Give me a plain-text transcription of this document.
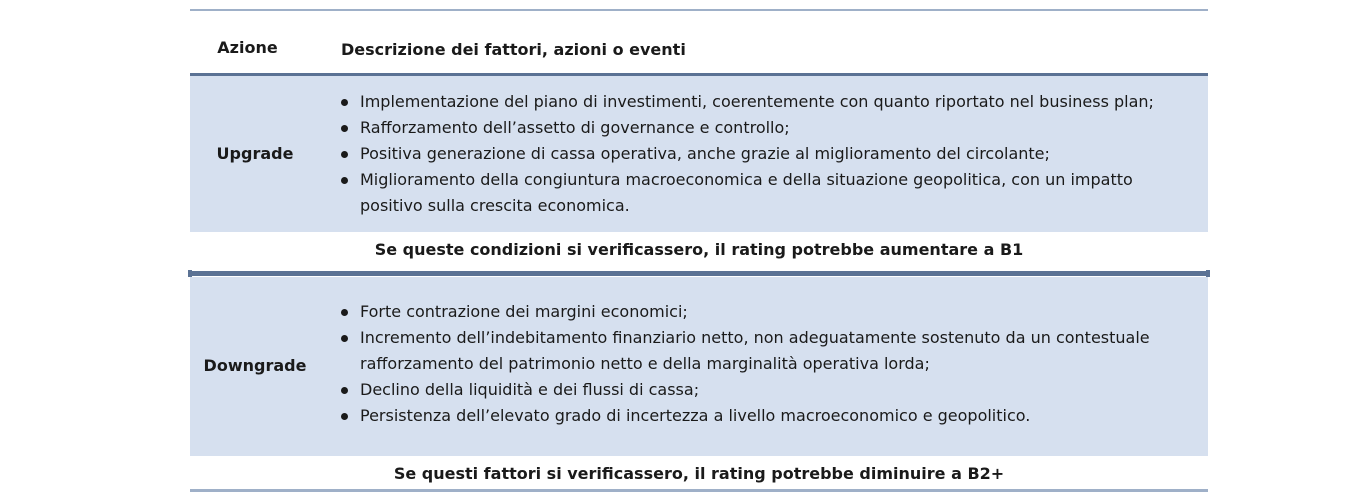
Azione	Descrizione dei fattori, azioni o eventi
Upgrade
Implementazione del piano di investimenti, coerentemente con quanto riportato nel business plan;
Rafforzamento dell’assetto di governance e controllo;
Positiva generazione di cassa operativa, anche grazie al miglioramento del circolante;
Miglioramento della congiuntura macroeconomica e della situazione geopolitica, con un impatto positivo sulla crescita economica.
Se queste condizioni si verificassero, il rating potrebbe aumentare a B1
Downgrade
Forte contrazione dei margini economici;
Incremento dell’indebitamento finanziario netto, non adeguatamente sostenuto da un contestuale rafforzamento del patrimonio netto e della marginalità operativa lorda;
Declino della liquidità e dei flussi di cassa;
Persistenza dell’elevato grado di incertezza a livello macroeconomico e geopolitico.
Se questi fattori si verificassero, il rating potrebbe diminuire a B2+
